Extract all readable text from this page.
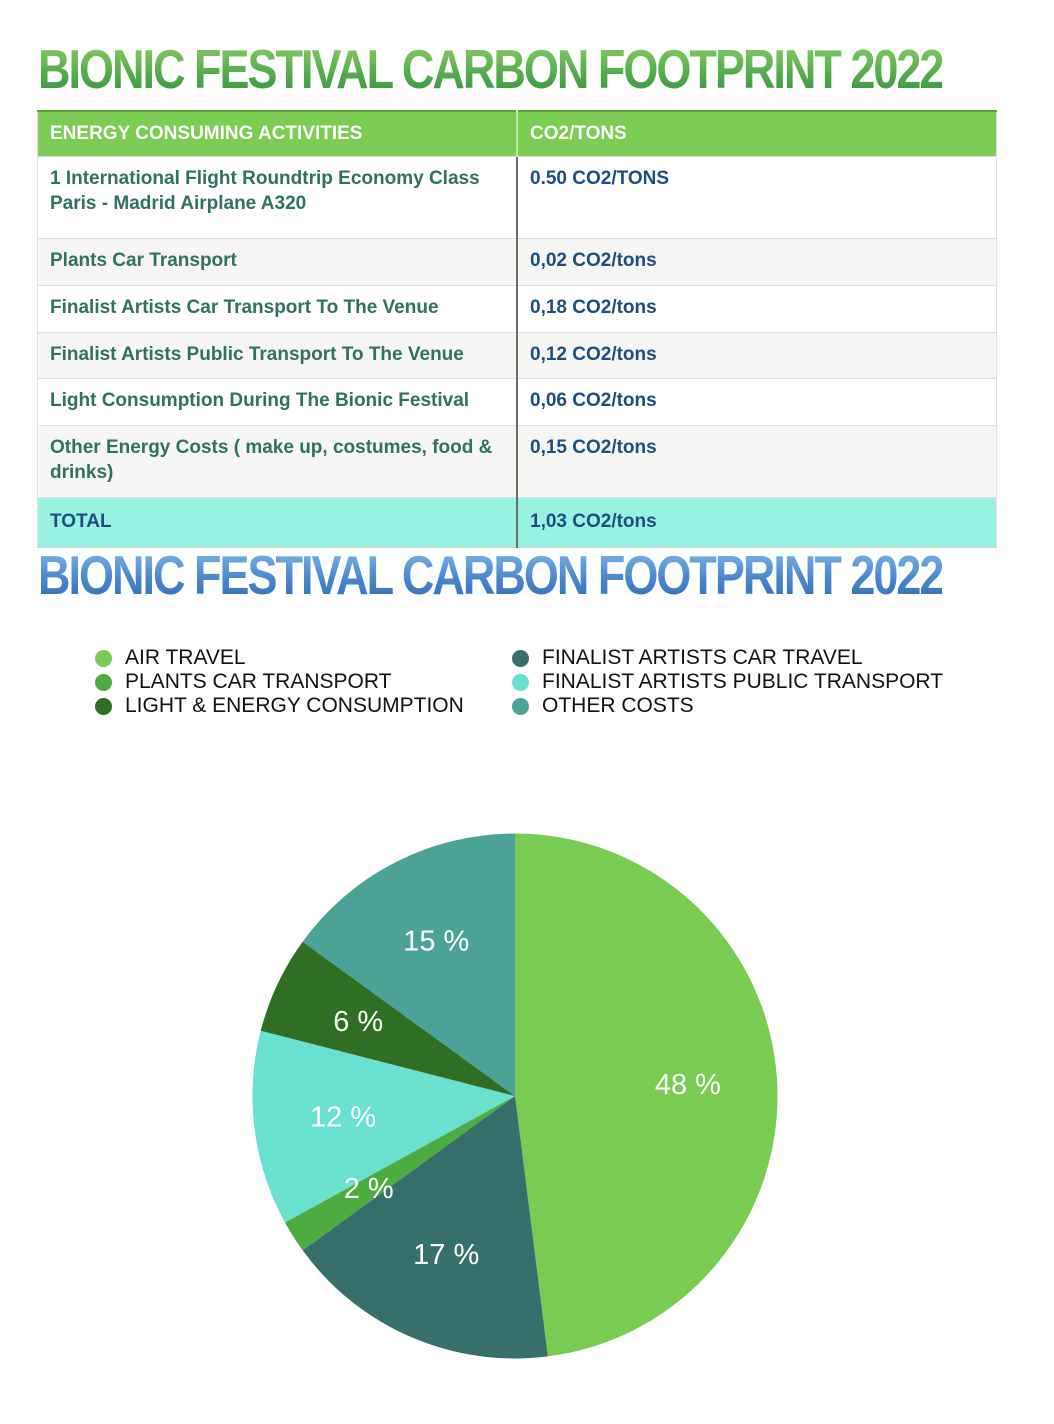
BIONIC FESTIVAL CARBON FOOTPRINT 2022
ENERGY CONSUMING ACTIVITIES	CO2/TONS
1 International Flight Roundtrip Economy Class Paris - Madrid Airplane A320	0.50 CO2/TONS
Plants Car Transport	0,02 CO2/tons
Finalist Artists Car Transport To The Venue	0,18 CO2/tons
Finalist Artists Public Transport To The Venue	0,12 CO2/tons
Light Consumption During The Bionic Festival	0,06 CO2/tons
Other Energy Costs ( make up, costumes, food & drinks)	0,15 CO2/tons
TOTAL	1,03 CO2/tons
BIONIC FESTIVAL CARBON FOOTPRINT 2022
AIR TRAVEL
PLANTS CAR TRANSPORT
LIGHT & ENERGY CONSUMPTION
FINALIST ARTISTS CAR TRAVEL
FINALIST ARTISTS PUBLIC TRANSPORT
OTHER COSTS
48 %
17 %
2 %
12 %
6 %
15 %
